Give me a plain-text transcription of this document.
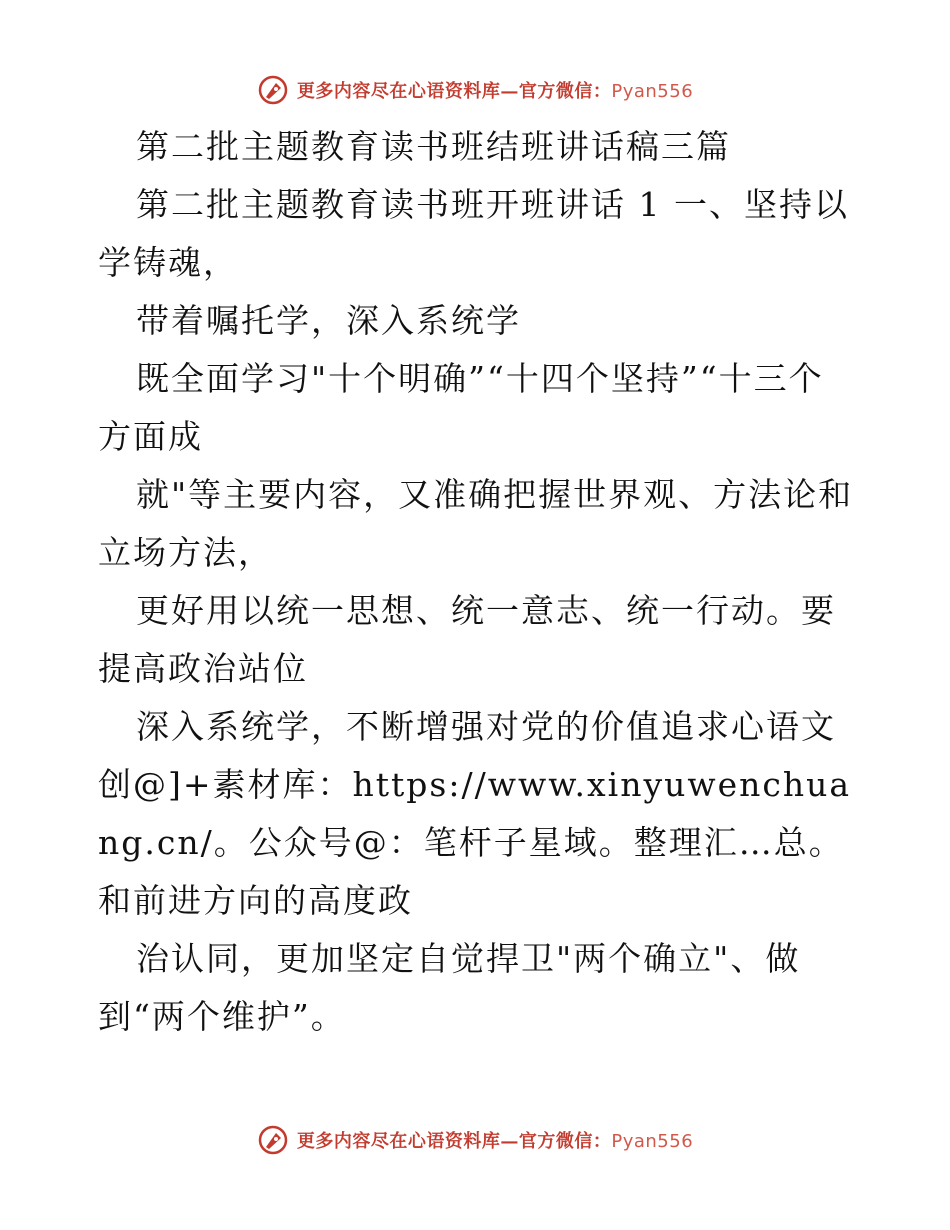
更多内容尽在心语资料库—官方微信：Pyan556

第二批主题教育读书班结班讲话稿三篇

第二批主题教育读书班开班讲话 1 一、坚持以学铸魂，

带着嘱托学，深入系统学

既全面学习"十个明确”“十四个坚持”“十三个方面成

就"等主要内容，又准确把握世界观、方法论和立场方法，

更好用以统一思想、统一意志、统一行动。要提高政治站位

深入系统学，不断增强对党的价值追求心语文创@]+素材库：https://www.xinyuwenchuang.cn/。公众号@：笔杆子星域。整理汇…总。和前进方向的高度政

治认同，更加坚定自觉捍卫"两个确立"、做到“两个维护”。

更多内容尽在心语资料库—官方微信：Pyan556
